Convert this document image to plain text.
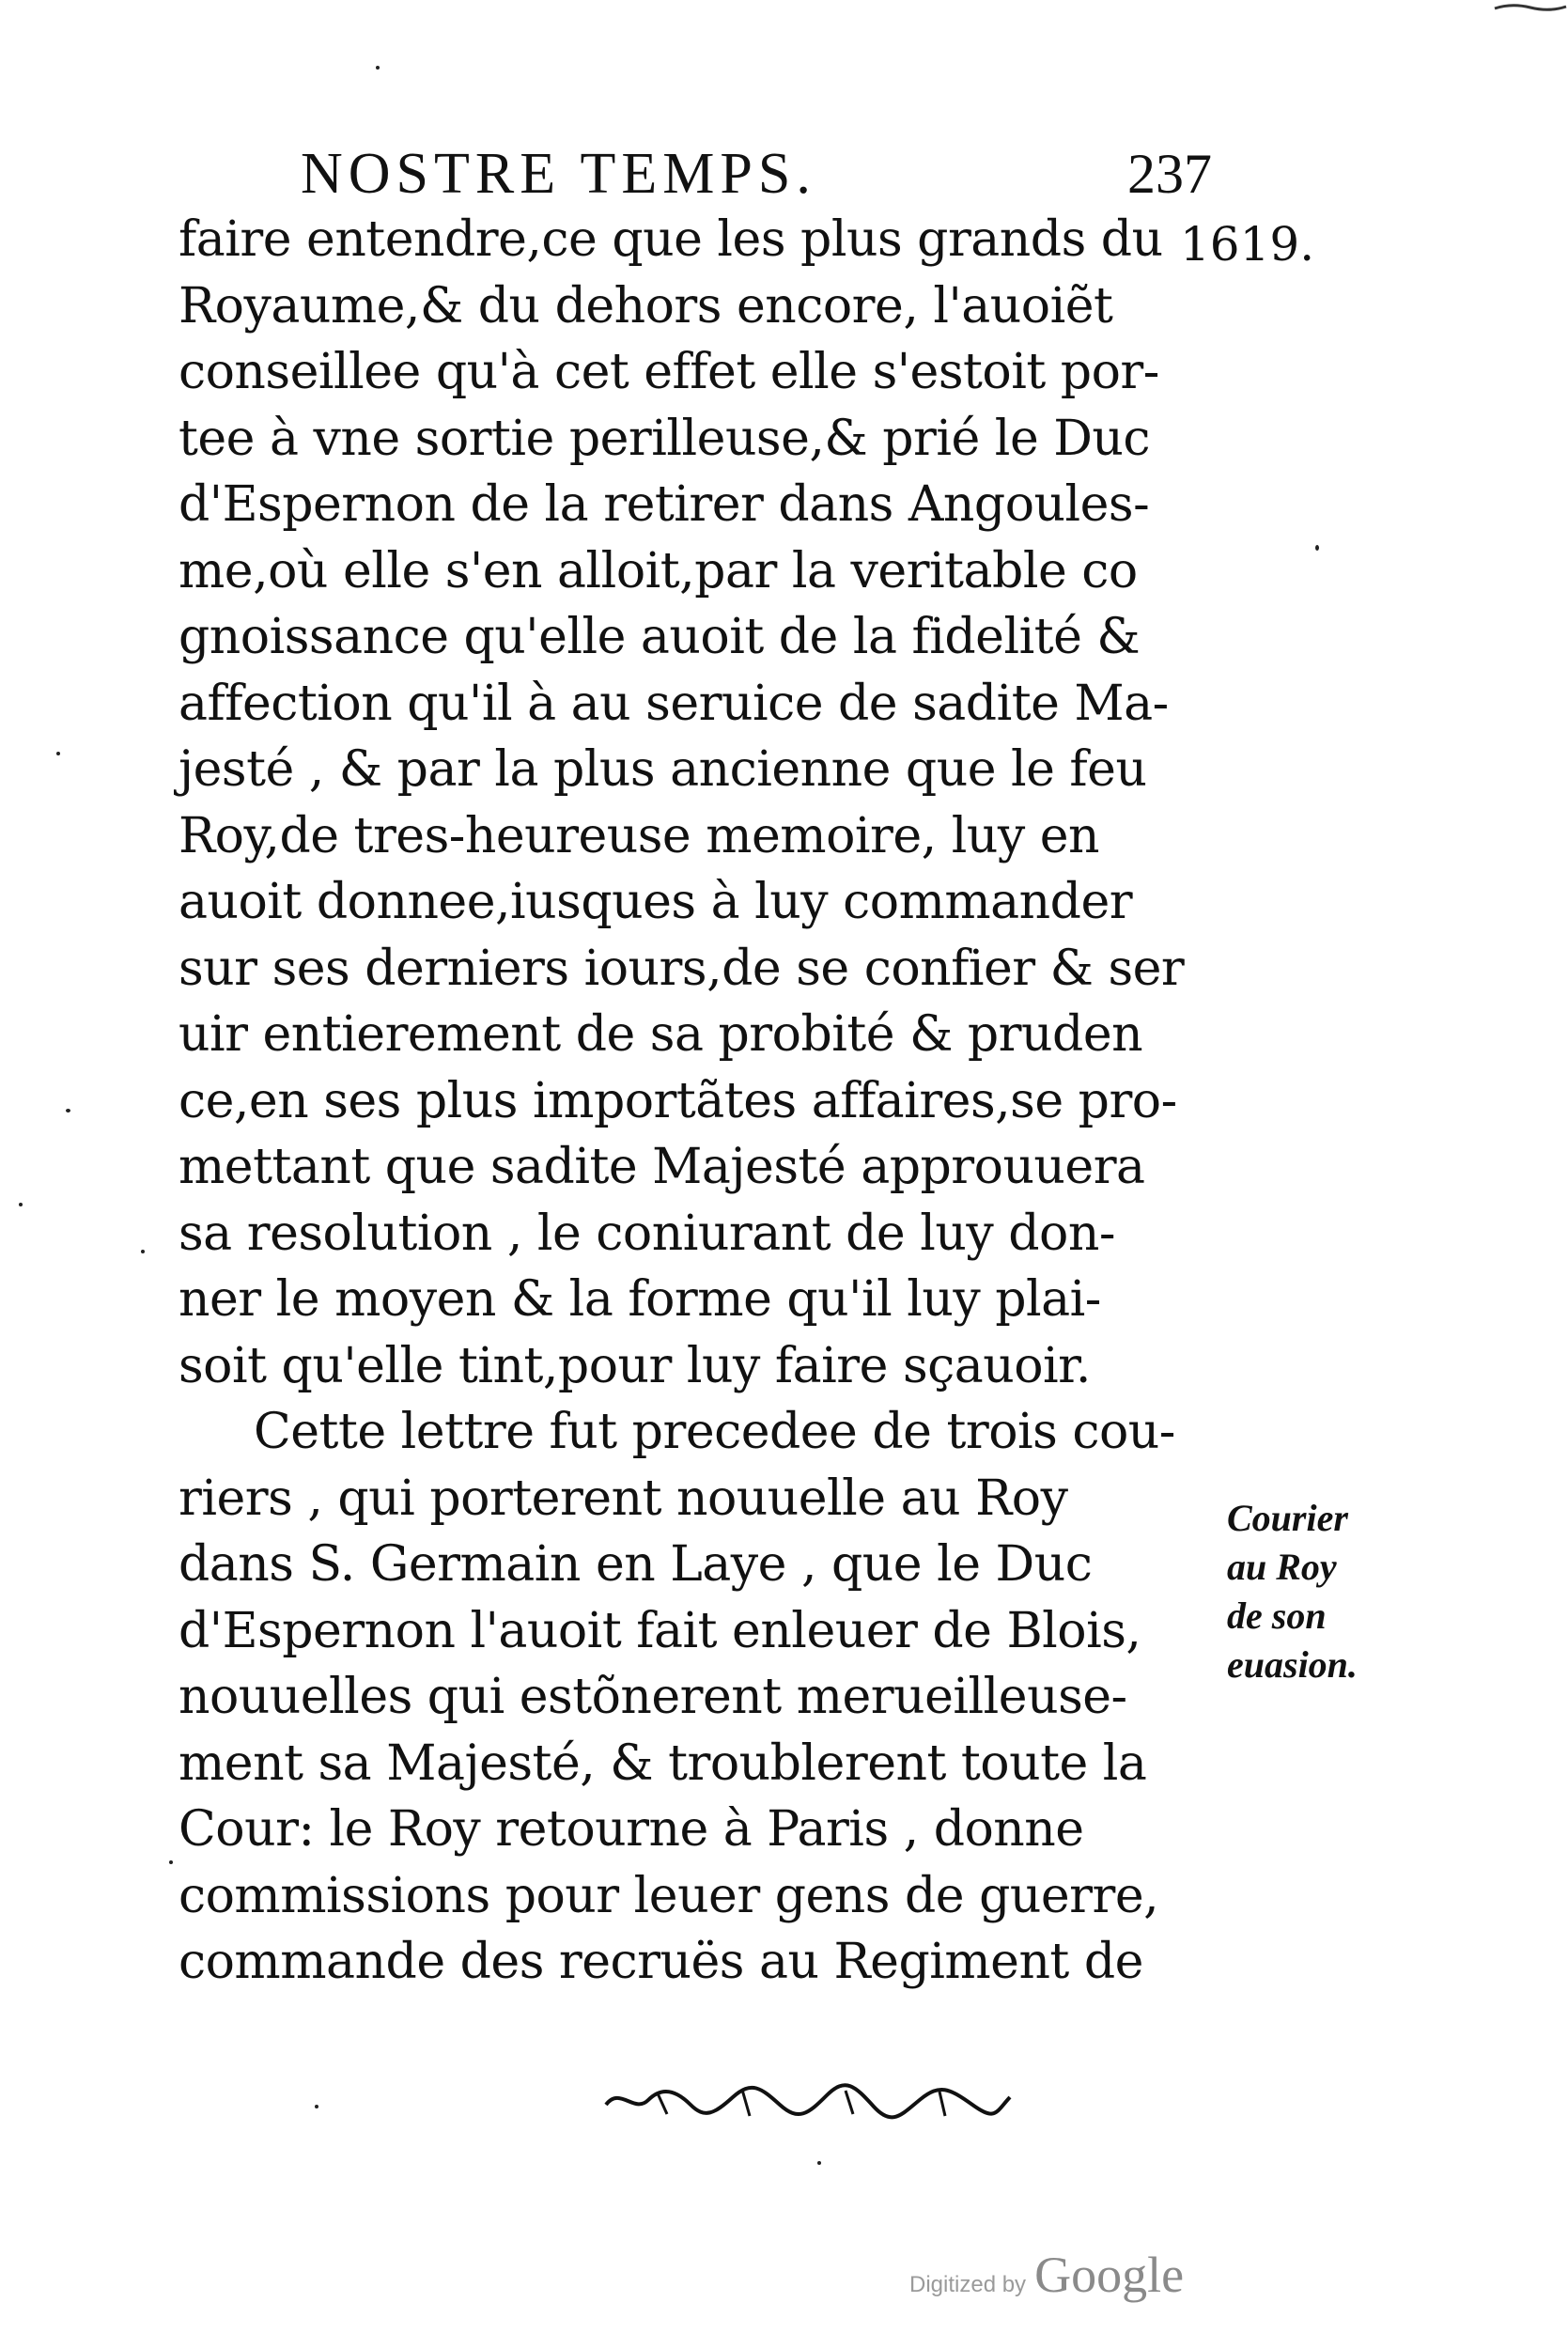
NOSTRE TEMPS.	237
1619.
faire entendre,ce que les plus grands du
Royaume,& du dehors encore, l'auoiẽt
conseillee qu'à cet effet elle s'estoit por-
tee à vne sortie perilleuse,& prié le Duc
d'Espernon de la retirer dans Angoules-
me,où elle s'en alloit,par la veritable co
gnoissance qu'elle auoit de la fidelité &
affection qu'il à au seruice de sadite Ma-
jesté , & par la plus ancienne que le feu
Roy,de tres-heureuse memoire, luy en
auoit donnee,iusques à luy commander
sur ses derniers iours,de se confier & ser
uir entierement de sa probité & pruden
ce,en ses plus importãtes affaires,se pro-
mettant que sadite Majesté approuuera
sa resolution , le coniurant de luy don-
ner le moyen & la forme qu'il luy plai-
soit qu'elle tint,pour luy faire sçauoir.
Cette lettre fut precedee de trois cou-
riers , qui porterent nouuelle au Roy
dans S. Germain en Laye , que le Duc
d'Espernon l'auoit fait enleuer de Blois,
nouuelles qui estõnerent merueilleuse-
ment sa Majesté, & troublerent toute la
Cour: le Roy retourne à Paris , donne
commissions pour leuer gens de guerre,
commande des recruës au Regiment de
Courier
au Roy
de son
euasion.
Digitized by Google
